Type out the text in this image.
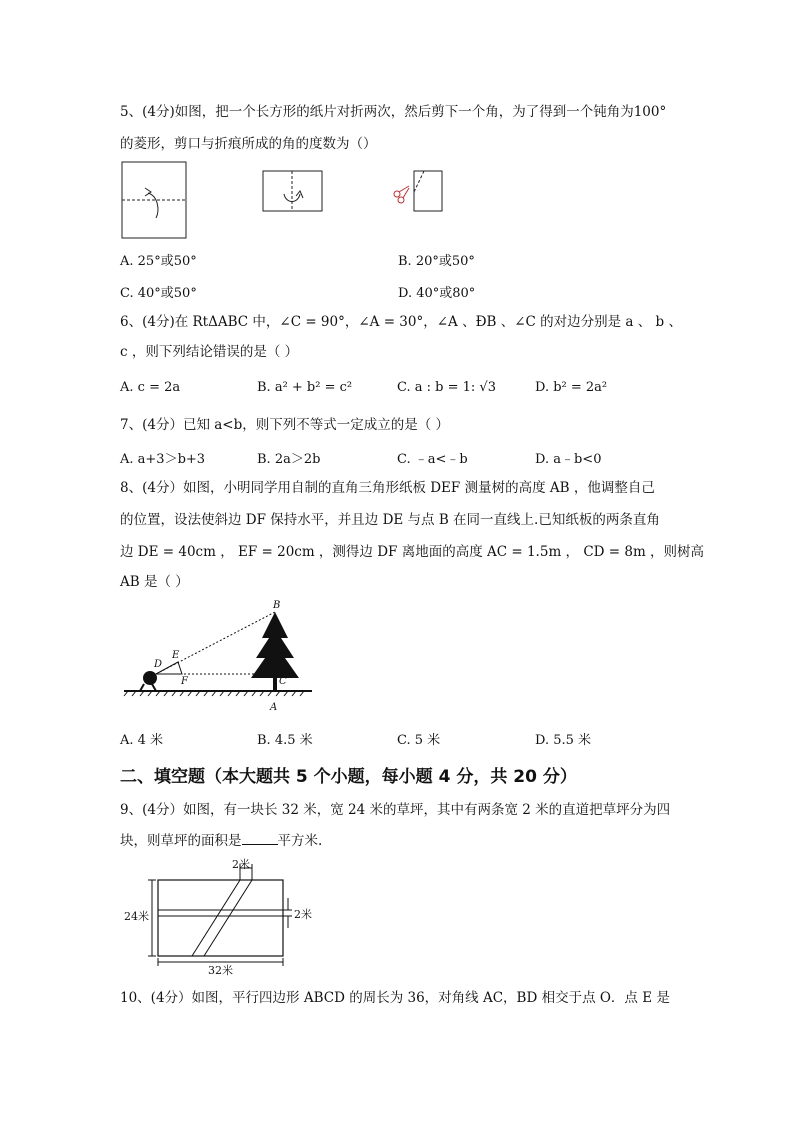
5、(4分)如图，把一个长方形的纸片对折两次，然后剪下一个角，为了得到一个钝角为100°
的菱形，剪口与折痕所成的角的度数为（）
A. 25°或50°	B. 20°或50°
C. 40°或50°	D. 40°或80°
6、(4分)在 RtΔABC 中，∠C = 90°，∠A = 30°，∠A 、ÐB 、∠C 的对边分别是 a 、 b 、
c ，则下列结论错误的是（ ）
A. c = 2a	B. a² + b² = c²	C. a : b = 1: √3	D. b² = 2a²
7、(4分）已知 a<b，则下列不等式一定成立的是（ ）
A. a+3＞b+3	B. 2a＞2b	C. ﹣a<﹣b	D. a﹣b<0
8、(4分）如图，小明同学用自制的直角三角形纸板 DEF 测量树的高度 AB ，他调整自己
的位置，设法使斜边 DF 保持水平，并且边 DE 与点 B 在同一直线上.已知纸板的两条直角
边 DE = 40cm ， EF = 20cm ，测得边 DF 离地面的高度 AC = 1.5m ， CD = 8m ，则树高
AB 是（ ）
B
E
D
F	C
A
A. 4 米	B. 4.5 米	C. 5 米	D. 5.5 米
二、填空题（本大题共 5 个小题，每小题 4 分，共 20 分）
9、(4分）如图，有一块长 32 米，宽 24 米的草坪，其中有两条宽 2 米的直道把草坪分为四
块，则草坪的面积是	平方米.
2米
2米
24米
32米
10、(4分）如图，平行四边形 ABCD 的周长为 36，对角线 AC，BD 相交于点 O．点 E 是
